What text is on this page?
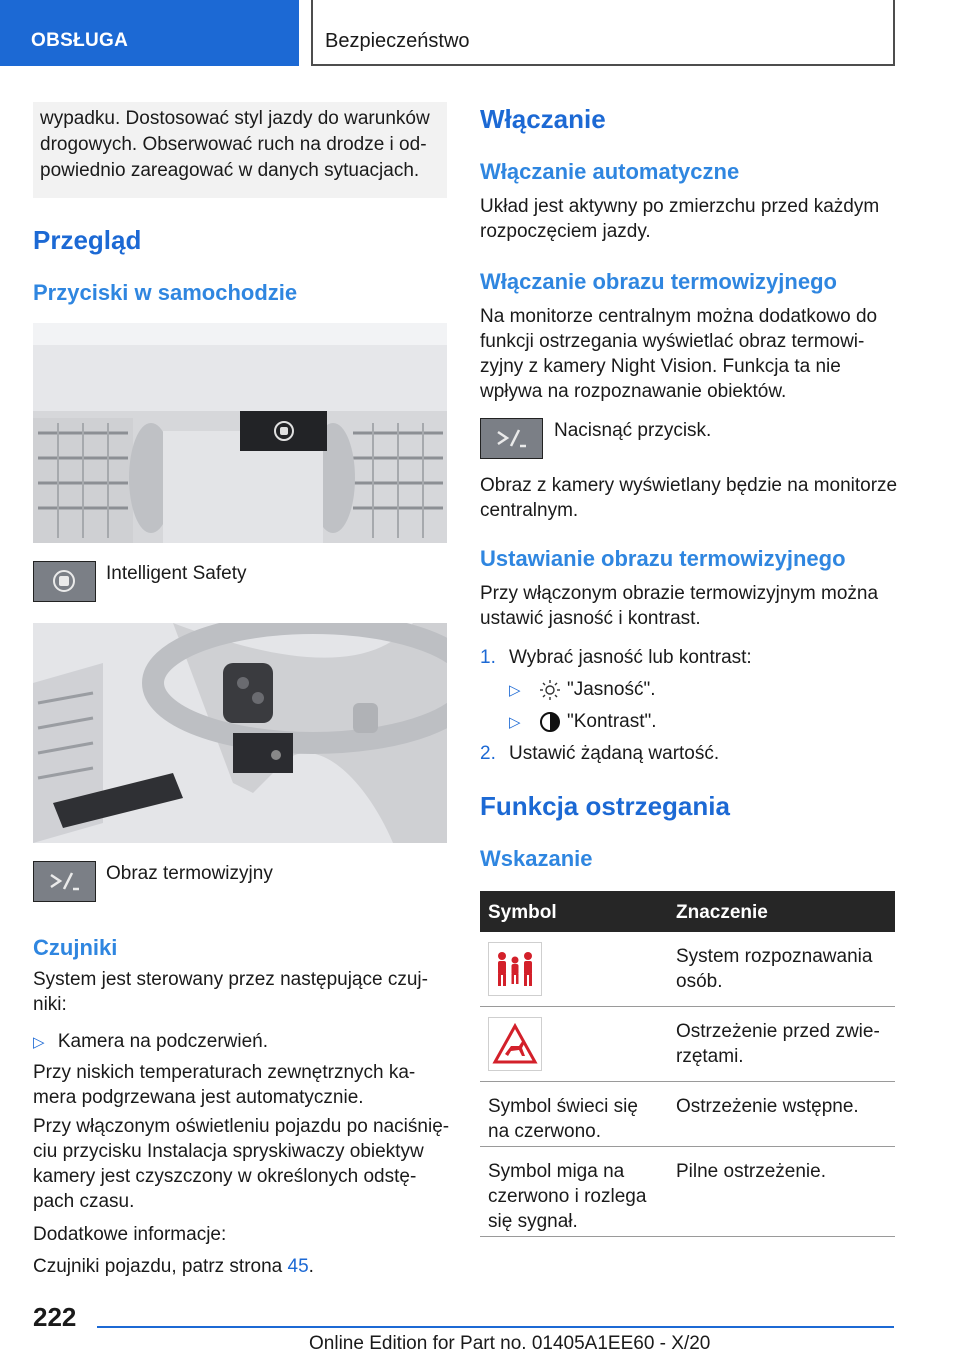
OBSŁUGA	Bezpieczeństwo
wypadku. Dostosować styl jazdy do warunków
drogowych. Obserwować ruch na drodze i od-
powiednio zareagować w danych sytuacjach.
Przegląd
Przyciski w samochodzie
Intelligent Safety
Obraz termowizyjny
Czujniki
System jest sterowany przez następujące czuj-
niki:
▷ Kamera na podczerwień.
Przy niskich temperaturach zewnętrznych ka-
mera podgrzewana jest automatycznie.
Przy włączonym oświetleniu pojazdu po naciśnię-
ciu przycisku Instalacja spryskiwaczy obiektyw
kamery jest czyszczony w określonych odstę-
pach czasu.
Dodatkowe informacje:
Czujniki pojazdu, patrz strona 45.
Włączanie
Włączanie automatyczne
Układ jest aktywny po zmierzchu przed każdym
rozpoczęciem jazdy.
Włączanie obrazu termowizyjnego
Na monitorze centralnym można dodatkowo do
funkcji ostrzegania wyświetlać obraz termowi-
zyjny z kamery Night Vision. Funkcja ta nie
wpływa na rozpoznawanie obiektów.
Nacisnąć przycisk.
Obraz z kamery wyświetlany będzie na monitorze
centralnym.
Ustawianie obrazu termowizyjnego
Przy włączonym obrazie termowizyjnym można
ustawić jasność i kontrast.
1. Wybrać jasność lub kontrast:
▷ "Jasność".
▷ "Kontrast".
2. Ustawić żądaną wartość.
Funkcja ostrzegania
Wskazanie
Symbol	Znaczenie
System rozpoznawania
osób.
Ostrzeżenie przed zwie-
rzętami.
Symbol świeci się
na czerwono.
Ostrzeżenie wstępne.
Symbol miga na
czerwono i rozlega
się sygnał.
Pilne ostrzeżenie.
222
Online Edition for Part no. 01405A1EE60 - X/20
